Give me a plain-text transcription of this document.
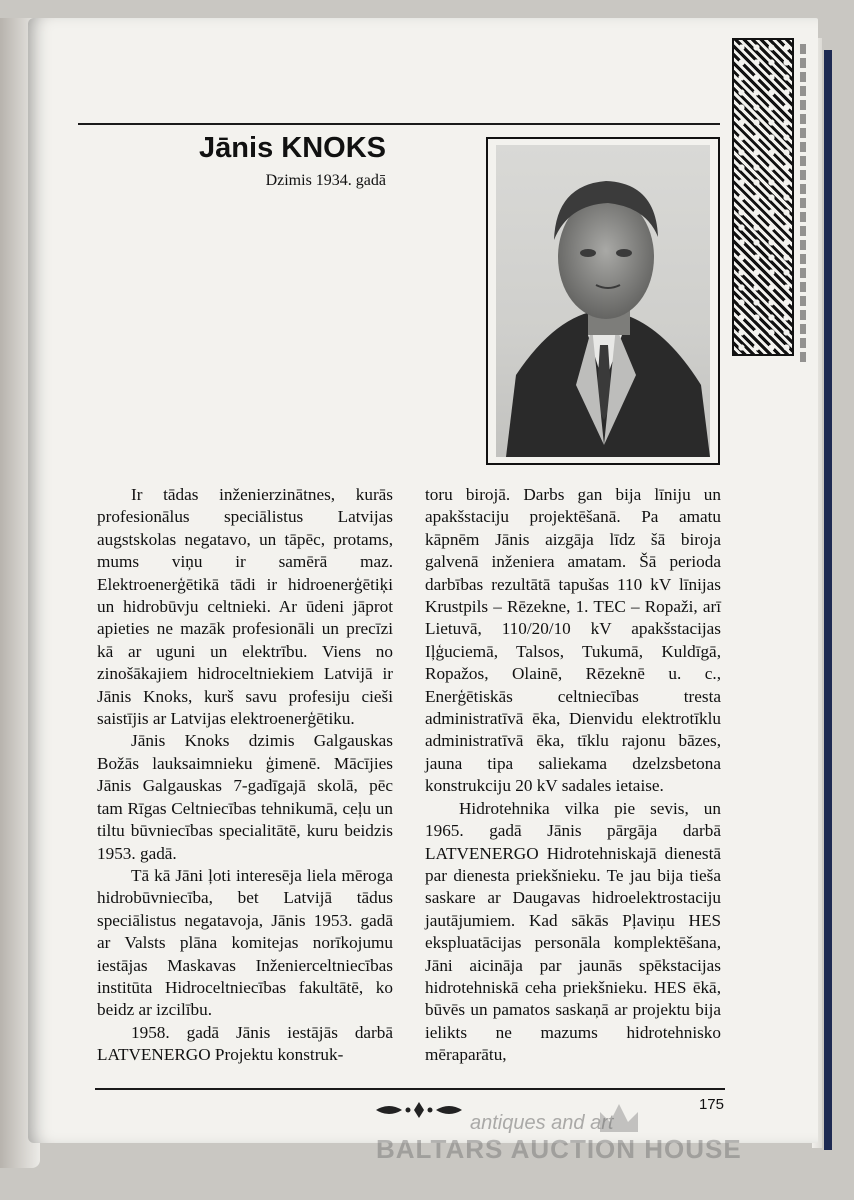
Jānis KNOKS
Dzimis 1934. gadā

Ir tādas inženierzinātnes, kurās profesionālus speciālistus Latvijas augstskolas negatavo, un tāpēc, protams, mums viņu ir samērā maz. Elektroenerģētikā tādi ir hidroenerģētiķi un hidrobūvju celtnieki. Ar ūdeni jāprot apieties ne mazāk profesionāli un precīzi kā ar uguni un elektrību. Viens no zinošākajiem hidroceltniekiem Latvijā ir Jānis Knoks, kurš savu profesiju cieši saistījis ar Latvijas elektroenerģētiku.

Jānis Knoks dzimis Galgauskas Božās lauksaimnieku ģimenē. Mācījies Jānis Galgauskas 7-gadīgajā skolā, pēc tam Rīgas Celtniecības tehnikumā, ceļu un tiltu būvniecības specialitātē, kuru beidzis 1953. gadā.

Tā kā Jāni ļoti interesēja liela mēroga hidrobūvniecība, bet Latvijā tādus speciālistus negatavoja, Jānis 1953. gadā ar Valsts plāna komitejas norīkojumu iestājas Maskavas Inženierceltniecības institūta Hidroceltniecības fakultātē, ko beidz ar izcilību.

1958. gadā Jānis iestājās darbā LATVENERGO Projektu konstruk-

toru birojā. Darbs gan bija līniju un apakšstaciju projektēšanā. Pa amatu kāpnēm Jānis aizgāja līdz šā biroja galvenā inženiera amatam. Šā perioda darbības rezultātā tapušas 110 kV līnijas Krustpils – Rēzekne, 1. TEC – Ropaži, arī Lietuvā, 110/20/10 kV apakšstacijas Iļģuciemā, Talsos, Tukumā, Kuldīgā, Ropažos, Olainē, Rēzeknē u. c., Enerģētiskās celtniecības tresta administratīvā ēka, Dienvidu elektrotīklu administratīvā ēka, tīklu rajonu bāzes, jauna tipa saliekama dzelzsbetona konstrukciju 20 kV sadales ietaise.

Hidrotehnika vilka pie sevis, un 1965. gadā Jānis pārgāja darbā LATVENERGO Hidrotehniskajā dienestā par dienesta priekšnieku. Te jau bija tieša saskare ar Daugavas hidroelektrostaciju jautājumiem. Kad sākās Pļaviņu HES ekspluatācijas personāla komplektēšana, Jāni aicināja par jaunās spēkstacijas hidrotehniskā ceha priekšnieku. HES ēkā, būvēs un pamatos saskaņā ar projektu bija ielikts ne mazums hidrotehnisko mēraparātu,

175
antiques and art
BALTARS AUCTION HOUSE
